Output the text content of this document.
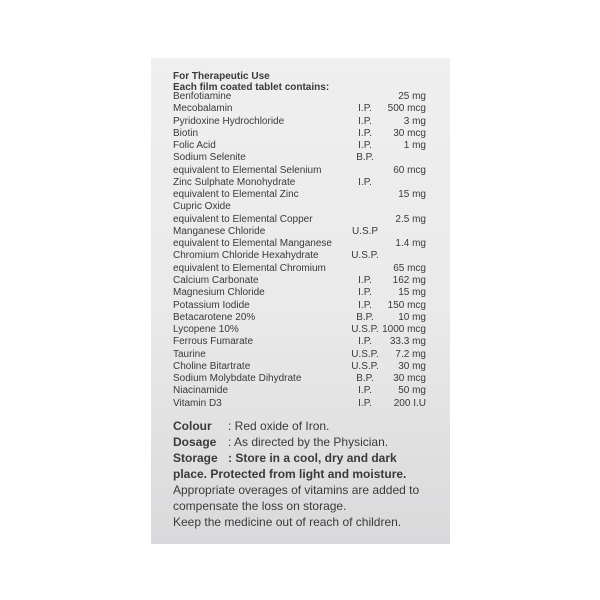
For Therapeutic Use
Each film coated tablet contains:
Benfotiamine	25 mg
Mecobalamin	I.P. 500 mcg
Pyridoxine Hydrochloride	I.P.	3 mg
Biotin	I.P. 30 mcg
Folic Acid	I.P.	1 mg
Sodium Selenite	B.P.
equivalent to Elemental Selenium	60 mcg
Zinc Sulphate Monohydrate	I.P.
equivalent to Elemental Zinc	15 mg
Cupric Oxide
equivalent to Elemental Copper	2.5 mg
Manganese Chloride	U.S.P
equivalent to Elemental Manganese	1.4 mg
Chromium Chloride Hexahydrate	U.S.P.
equivalent to Elemental Chromium	65 mcg
Calcium Carbonate	I.P. 162 mg
Magnesium Chloride	I.P.	15 mg
Potassium Iodide	I.P. 150 mcg
Betacarotene 20%	B.P. 10 mg
Lycopene 10%	U.S.P. 1000 mcg
Ferrous Fumarate	I.P. 33.3 mg
Taurine	U.S.P. 7.2 mg
Choline Bitartrate	U.S.P. 30 mg
Sodium Molybdate Dihydrate	B.P. 30 mcg
Niacinamide	I.P.	50 mg
Vitamin D3	I.P. 200 I.U
Colour : Red oxide of Iron.
Dosage : As directed by the Physician.
Storage : Store in a cool, dry and dark
place. Protected from light and moisture.
Appropriate overages of vitamins are added to
compensate the loss on storage.
Keep the medicine out of reach of children.
